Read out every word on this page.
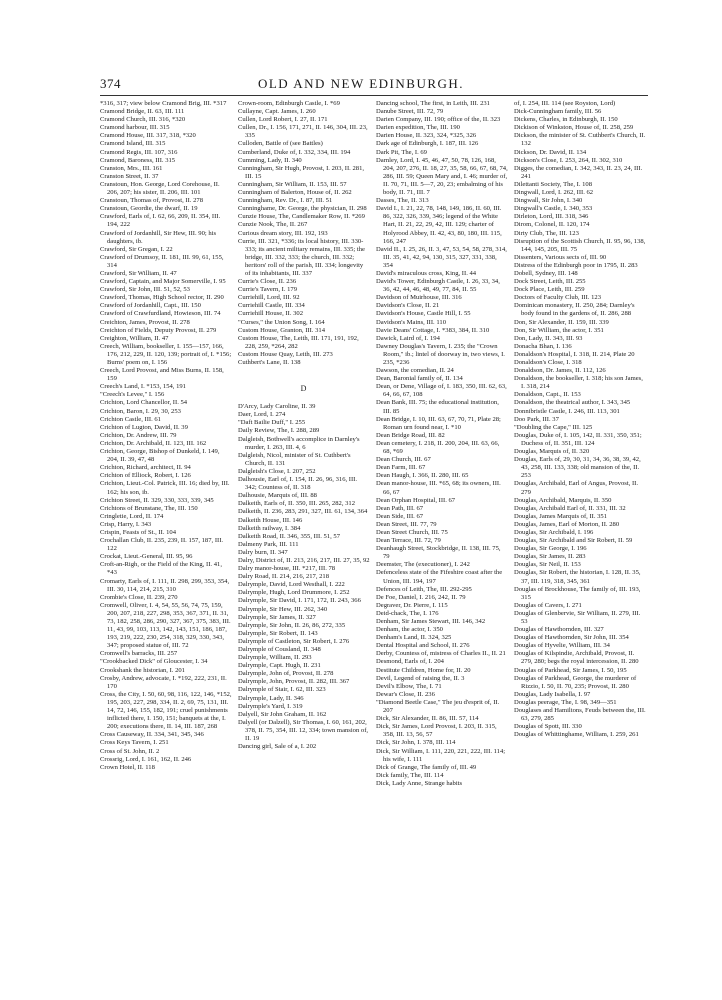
374	OLD AND NEW EDINBURGH.

*316, 317; view below Cramond Brig, III. *317

Cramond Bridge, II. 63, III. 111

Cramond Church, III. 316, *320

Cramond harbour, III. 315

Cramond House, III. 317, 318, *320

Cramond Island, III. 315

Cramond Regis, III. 107, 316

Cramond, Baroness, III. 315

Cranston, Mrs., III. 161

Cranston Street, II. 37

Cranstoun, Hon. George, Lord Corehouse, II. 206, 207; his sister, II. 206, III. 101

Cranstoun, Thomas of, Provost, II. 278

Cranstoun, Geordie, the dwarf, II. 19

Crawford, Earls of, I. 62, 66, 209, II. 354, III. 194, 222

Crawford of Jordanhill, Sir Hew, III. 90; his daughters, ib.

Crawford, Sir Gregan, I. 22

Crawford of Drumsoy, II. 181, III. 99, 61, 155, 314

Crawford, Sir William, II. 47

Crawford, Captain, and Major Somerville, I. 95

Crawford, Sir John, III. 51, 52, 53

Crawford, Thomas, High School rector, II. 290

Crawford of Jordanhill, Capt., III. 150

Crawford of Crawfurdland, Howieson, III. 74

Creichton, James, Provost, II. 278

Creichton of Fields, Deputy Provost, II. 279

Creighton, William, II. 47

Creech, William, bookseller, I. 155—157, 166, 176, 212, 229, II. 120, 139; portrait of, I. *156; Burns' poem on, I. 156

Creech, Lord Provost, and Miss Burns, II. 158, 159

Creech's Land, I. *153, 154, 191

"Creech's Levee," I. 156

Crichton, Lord Chancellor, II. 54

Crichton, Baron, I. 29, 30, 253

Crichton Castle, III. 61

Crichton of Lugton, David, II. 39

Crichton, Dr. Andrew, III. 79

Crichton, Dr. Archibald, II. 123, III. 162

Crichton, George, Bishop of Dunkeld, I. 149, 204, II. 39, 47, 48

Crichton, Richard, architect, II. 94

Crichton of Elliock, Robert, I. 126

Crichton, Lieut.-Col. Patrick, III. 16; died by, III. 162; his son, ib.

Crichton Street, II. 329, 330, 333, 339, 345

Crichtons of Brunstane, The, III. 150

Cringletie, Lord, II. 174

Crisp, Harry, I. 343

Crispin, Feasts of St., II. 104

Crochallan Club, II. 235, 239, II. 157, 187, III. 122

Crockat, Lieut.-General, III. 95, 96

Croft-an-Righ, or the Field of the King, II. 41, *43

Cromarty, Earls of, I. 111, II. 298, 299, 353, 354, III. 30, 114, 214, 215, 310

Crombie's Close, II. 239, 270

Cromwell, Oliver, I. 4, 54, 55, 56, 74, 75, 159, 200, 207, 218, 227, 298, 353, 367, 371, II. 31, 73, 182, 258, 286, 290, 327, 367, 375, 383, III. 11, 43, 99, 103, 113, 142, 143, 151, 186, 187, 193, 219, 222, 230, 254, 318, 329, 330, 343, 347; proposed statue of, III. 72

Cromwell's barracks, III. 257

"Crookbacked Dick" of Gloucester, I. 34

Crookshank the historian, I. 201

Crosby, Andrew, advocate, I. *192, 222, 231, II. 170

Cross, the City, I. 50, 60, 98, 116, 122, 146, *152, 195, 203, 227, 298, 334, II. 2, 69, 75, 131, III. 14, 72, 146, 155, 182, 191; cruel punishments inflicted there, I. 150, 151; banquets at the, I. 200; executions there, II. 14, III. 187, 268

Cross Causeway, II. 334, 341, 345, 346

Cross Keys Tavern, I. 251

Cross of St. John, II. 2

Crossrig, Lord, I. 161, 162, II. 246

Crown Hotel, II. 118

Crown-room, Edinburgh Castle, I. *69

Cullayne, Capt. James, I. 260

Cullen, Lord Robert, I. 27, II. 171

Cullen, Dr., I. 156, 171, 271, II. 146, 304, III. 23, 335

Culloden, Battle of (see Battles)

Cumberland, Duke of, I. 332, 334, III. 194

Cumming, Lady, II. 340

Cunningham, Sir Hugh, Provost, I. 203, II. 281, III. 15

Cunningham, Sir William, II. 153, III. 57

Cunningham of Balerton, House of, II. 262

Cunningham, Rev. Dr., I. 87, III. 51

Cunninghame, Dr. George, the physician, II. 298

Cunzie House, The, Candlemaker Row, II. *269

Cunzie Nook, The, II. 267

Curious dream story, III. 192, 193

Currie, III. 321, *336; its local history, III. 330-333; its ancient military remains, III. 335; the bridge, III. 332, 333; the church, III. 332; heritors' roll of the parish, III. 334; longevity of its inhabitants, III. 337

Currie's Close, II. 236

Currie's Tavern, I. 179

Curriehill, Lord, III. 92

Curriehill Castle, III. 334

Curriehill House, II. 302

"Curses," the Union Song, I. 164

Custom House, Granton, III. 314

Custom House, The, Leith, III. 171, 191, 192, 228, 259, *264, 282

Custom House Quay, Leith, III. 273

Cuthbert's Lane, II. 138

D

D'Arcy, Lady Caroline, II. 39

Daer, Lord, I. 274

"Daft Bailie Duff," I. 255

Daily Review, The, I. 288, 289

Dalgleish, Bothwell's accomplice in Darnley's murder, I. 263, III. 4, 6

Dalgleish, Nicol, minister of St. Cuthbert's Church, II. 131

Dalgleish's Close, I. 207, 252

Dalhousie, Earl of, I. 154, II. 26, 96, 316, III. 342; Countess of, II. 318

Dalhousie, Marquis of, III. 88

Dalkeith, Earls of, II. 350, III. 265, 282, 312

Dalkeith, II. 236, 283, 291, 327, III. 61, 134, 364

Dalkeith House, III. 146

Dalkeith railway, I. 384

Dalkeith Road, II. 346, 355, III. 51, 57

Dalmeny Park, III. 111

Dalry burn, II. 347

Dalry, District of, II. 213, 216, 217, III. 27, 35, 92

Dalry manor-house, III. *217, III. 78

Dalry Road, II. 214, 216, 217, 218

Dalrymple, David, Lord Westhall, I. 222

Dalrymple, Hugh, Lord Drummore, I. 252

Dalrymple, Sir David, I. 171, 172, II. 243, 366

Dalrymple, Sir Hew, III. 262, 340

Dalrymple, Sir James, II. 327

Dalrymple, Sir John, II. 26, 86, 272, 335

Dalrymple, Sir Robert, II. 143

Dalrymple of Castleton, Sir Robert, I. 276

Dalrymple of Cousland, II. 348

Dalrymple, William, II. 293

Dalrymple, Capt. Hugh, II. 231

Dalrymple, John of, Provost, II. 278

Dalrymple, John, Provost, II. 282, III. 367

Dalrymple of Stair, I. 62, III. 323

Dalrymple, Lady, II. 346

Dalrymple's Yard, I. 319

Dalyell, Sir John Graham, II. 162

Dalyell (or Dalzell), Sir Thomas, I. 60, 161, 202, 378, II. 75, 354, III. 12, 334; town mansion of, II. 19

Dancing girl, Sale of a, I. 202

Dancing school, The first, in Leith, III. 231

Danube Street, III. 72, 79

Darien Company, III. 190; office of the, II. 323

Darien expedition, The, III. 190

Darien House, II. 323, 324, *325, 326

Dark age of Edinburgh, I. 187, III. 126

Dark Pit, The, I. 69

Darnley, Lord, I. 45, 46, 47, 50, 78, 126, 168, 204, 207, 276, II. 18, 27, 35, 58, 66, 67, 68, 74, 286, III. 59; Queen Mary and, I. 46; murder of, II. 70, 71, III. 5—7, 20, 23; embalming of his body, II. 71, III. 7

Dasses, The, II. 313

David I., I. 21, 22, 78, 148, 149, 186, II. 60, III. 86, 322, 326, 339, 346; legend of the White Hart, II. 21, 22, 29, 42, III. 129; charter of Holyrood Abbey, II. 42, 43, 80, 180, III. 115, 166, 247

David II., I. 25, 26, II. 3, 47, 53, 54, 58, 278, 314, III. 35, 41, 42, 94, 130, 315, 327, 331, 338, 354

David's miraculous cross, King, II. 44

David's Tower, Edinburgh Castle, I. 26, 33, 34, 36, 42, 44, 46, 48, 49, 77, 84, II. 55

Davidson of Muirhouse, III. 316

Davidson's Close, II. 21

Davidson's House, Castle Hill, I. 55

Davidson's Mains, III. 110

Davie Deans' Cottage, I. *383, 384, II. 310

Dawick, Laird of, I. 194

Dawney Douglas's Tavern, I. 235; the "Crown Room," ib.; lintel of doorway in, two views, I. 235, *236

Dawson, the comedian, II. 24

Dean, Baronial family of, II. 134

Dean, or Dene, Village of, I. 183, 350, III. 62, 63, 64, 66, 67, 108

Dean Bank, III. 75; the educational institution, III. 85

Dean Bridge, I. 10, III. 63, 67, 70, 71, Plate 28; Roman urn found near, I. *10

Dean Bridge Road, III. 82

Dean cemetery, I. 218, II. 200, 204, III. 63, 66, 68, *69

Dean Church, III. 67

Dean Farm, III. 67

Dean Haugh, I. 366, II. 280, III. 65

Dean manor-house, III. *65, 68; its owners, III. 66, 67

Dean Orphan Hospital, III. 67

Dean Path, III. 67

Dean Side, III. 67

Dean Street, III. 77, 79

Dean Street Church, III. 75

Dean Terrace, III. 72, 79

Deanhaugh Street, Stockbridge, II. 138, III. 75, 79

Deemster, The (executioner), I. 242

Defenceless state of the Fifeshire coast after the Union, III. 194, 197

Defences of Leith, The, III. 292-295

De Foe, Daniel, I. 216, 242, II. 79

Degraver, Dr. Pierre, I. 115

Deid-chack, The, I. 176

Denham, Sir James Stewart, III. 146, 342

Denham, the actor, I. 350

Denham's Land, II. 324, 325

Dental Hospital and School, II. 276

Derby, Countess of, mistress of Charles II., II. 21

Desmond, Earls of, I. 204

Destitute Children, Home for, II. 20

Devil, Legend of raising the, II. 3

Devil's Elbow, The, I. 71

Dewar's Close, II. 236

"Diamond Beetle Case," The jeu d'esprit of, II. 207

Dick, Sir Alexander, II. 86, III. 57, 114

Dick, Sir James, Lord Provost, I. 203, II. 315, 358, III. 13, 56, 57

Dick, Sir John, I. 378, III. 114

Dick, Sir William, I. 111, 220, 221, 222, III. 114; his wife, I. 111

Dick of Grange, The family of, III. 49

Dick family, The, III. 114

Dick, Lady Anne, Strange habits

of, I. 254, III. 114 (see Royston, Lord)

Dick-Cunningham family, III. 56

Dickens, Charles, in Edinburgh, II. 150

Dickison of Winkston, House of, II. 258, 259

Dickson, the minister of St. Cuthbert's Church, II. 132

Dickson, Dr. David, II. 134

Dickson's Close, I. 253, 264, II. 302, 310

Digges, the comedian, I. 342, 343, II. 23, 24, III. 241

Dilettanti Society, The, I. 108

Dingwall, Lord, I. 262, III. 62

Dingwall, Sir John, I. 340

Dingwall's Castle, I. 340, 353

Dirleton, Lord, III. 318, 346

Dirom, Colonel, II. 120, 174

Dirty Club, The, III. 123

Disruption of the Scottish Church, II. 95, 96, 138, 144, 145, 205, III. 75

Dissenters, Various sects of, III. 90

Distress of the Edinburgh poor in 1795, II. 283

Dobell, Sydney, III. 148

Dock Street, Leith, III. 255

Dock Place, Leith, III. 259

Doctors of Faculty Club, III. 123

Dominican monastery, II. 250, 284; Darnley's body found in the gardens of, II. 286, 288

Don, Sir Alexander, II. 159, III. 339

Don, Sir William, the actor, I. 351

Don, Lady, II. 343, III. 93

Donacha Bhan, I. 136

Donaldson's Hospital, I. 318, II. 214, Plate 20

Donaldson's Close, I. 318

Donaldson, Dr. James, II. 112, 126

Donaldson, the bookseller, I. 318; his son James, I. 318, 214

Donaldson, Capt., II. 153

Donaldson, the theatrical author, I. 343, 345

Donnibristle Castle, I. 246, III. 113, 301

Doo Park, III. 37

"Doubling the Cape," III. 125

Douglas, Duke of, I. 105, 142, II. 331, 350, 351; Duchess of, II. 351, III. 124

Douglas, Marquis of, II. 320

Douglas, Earls of, 29, 30, 31, 34, 36, 38, 39, 42, 43, 258, III. 133, 338; old mansion of the, II. 253

Douglas, Archibald, Earl of Angus, Provost, II. 279

Douglas, Archibald, Marquis, II. 350

Douglas, Archibald Earl of, II. 331, III. 32

Douglas, James Marquis of, II. 351

Douglas, James, Earl of Morton, II. 280

Douglas, Sir Archibald, I. 196

Douglas, Sir Archibald and Sir Robert, II. 59

Douglas, Sir George, I. 196

Douglas, Sir James, II. 283

Douglas, Sir Neil, II. 153

Douglas, Sir Robert, the historian, I. 128, II. 35, 37, III. 119, 318, 345, 361

Douglas of Brockhouse, The family of, III. 193, 315

Douglas of Cavers, I. 271

Douglas of Glenbervie, Sir William, II. 279, III. 53

Douglas of Hawthornden, III. 327

Douglas of Hawthornden, Sir John, III. 354

Douglas of Hyvelie, William, III. 34

Douglas of Kilspindie, Archibald, Provost, II. 279, 280; begs the royal intercession, II. 280

Douglas of Parkhead, Sir James, I. 50, 195

Douglas of Parkhead, George, the murderer of Rizzio, I. 50, II. 70, 235; Provost, II. 280

Douglas, Lady Isabella, I. 97

Douglas peerage, The, I. 98, 349—351

Douglases and Hamiltons, Feuds between the, III. 63, 279, 285

Douglas of Spott, III. 330

Douglas of Whittinghame, William, I. 259, 261
